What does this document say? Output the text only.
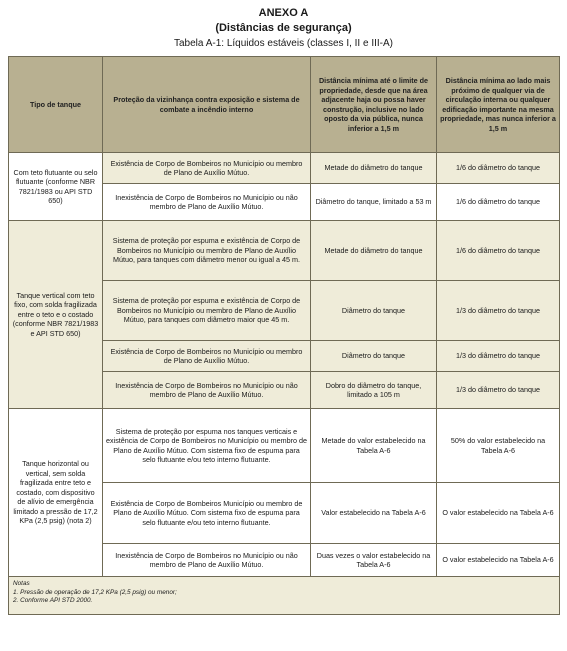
ANEXO A
(Distâncias de segurança)
Tabela A-1: Líquidos estáveis (classes I, II e III-A)
Tipo de tanque	Proteção da vizinhança contra exposição e sistema de combate a incêndio interno	Distância mínima até o limite de propriedade, desde que na área adjacente haja ou possa haver construção, inclusive no lado oposto da via pública, nunca inferior a 1,5 m	Distância mínima ao lado mais próximo de qualquer via de circulação interna ou qualquer edificação importante na mesma propriedade, mas nunca inferior a 1,5 m
Com teto flutuante ou selo flutuante (conforme NBR 7821/1983 ou API STD 650)	Existência de Corpo de Bombeiros no Município ou membro de Plano de Auxílio Mútuo.	Metade do diâmetro do tanque	1/6 do diâmetro do tanque
	Inexistência de Corpo de Bombeiros no Município ou não membro de Plano de Auxílio Mútuo.	Diâmetro do tanque, limitado a 53 m	1/6 do diâmetro do tanque
Tanque vertical com teto fixo, com solda fragilizada entre o teto e o costado (conforme NBR 7821/1983 e API STD 650)	Sistema de proteção por espuma e existência de Corpo de Bombeiros no Município ou membro de Plano de Auxílio Mútuo, para tanques com diâmetro menor ou igual a 45 m.	Metade do diâmetro do tanque	1/6 do diâmetro do tanque
	Sistema de proteção por espuma e existência de Corpo de Bombeiros no Município ou membro de Plano de Auxílio Mútuo, para tanques com diâmetro maior que 45 m.	Diâmetro do tanque	1/3 do diâmetro do tanque
	Existência de Corpo de Bombeiros no Município ou membro de Plano de Auxílio Mútuo.	Diâmetro do tanque	1/3 do diâmetro do tanque
	Inexistência de Corpo de Bombeiros no Município ou não membro de Plano de Auxílio Mútuo.	Dobro do diâmetro do tanque, limitado a 105 m	1/3 do diâmetro do tanque
Tanque horizontal ou vertical, sem solda fragilizada entre teto e costado, com dispositivo de alívio de emergência limitado a pressão de 17,2 KPa (2,5 psig) (nota 2)	Sistema de proteção por espuma nos tanques verticais e existência de Corpo de Bombeiros no Município ou membro de Plano de Auxílio Mútuo. Com sistema fixo de espuma para selo flutuante e/ou teto interno flutuante.	Metade do valor estabelecido na Tabela A-6	50% do valor estabelecido na Tabela A-6
	Existência de Corpo de Bombeiros Município ou membro de Plano de Auxílio Mútuo. Com sistema fixo de espuma para selo flutuante e/ou teto interno flutuante.	Valor estabelecido na Tabela A-6	O valor estabelecido na Tabela A-6
	Inexistência de Corpo de Bombeiros no Município ou não membro de Plano de Auxílio Mútuo.	Duas vezes o valor estabelecido na Tabela A-6	O valor estabelecido na Tabela A-6

Notas
1. Pressão de operação de 17,2 KPa (2,5 psig) ou menor;
2. Conforme API STD 2000.			
